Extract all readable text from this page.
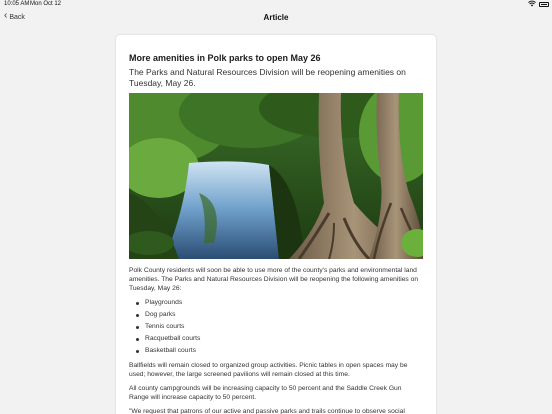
10:05 AM Mon Oct 12
‹ Back	Article
More amenities in Polk parks to open May 26
The Parks and Natural Resources Division will be reopening amenities on Tuesday, May 26.
Polk County residents will soon be able to use more of the county's parks and environmental land amenities. The Parks and Natural Resources Division will be reopening the following amenities on Tuesday, May 26:
Playgrounds
Dog parks
Tennis courts
Racquetball courts
Basketball courts
Ballfields will remain closed to organized group activities. Picnic tables in open spaces may be used; however, the large screened pavilions will remain closed at this time.
All county campgrounds will be increasing capacity to 50 percent and the Saddle Creek Gun Range will increase capacity to 50 percent.
"We request that patrons of our active and passive parks and trails continue to observe social
